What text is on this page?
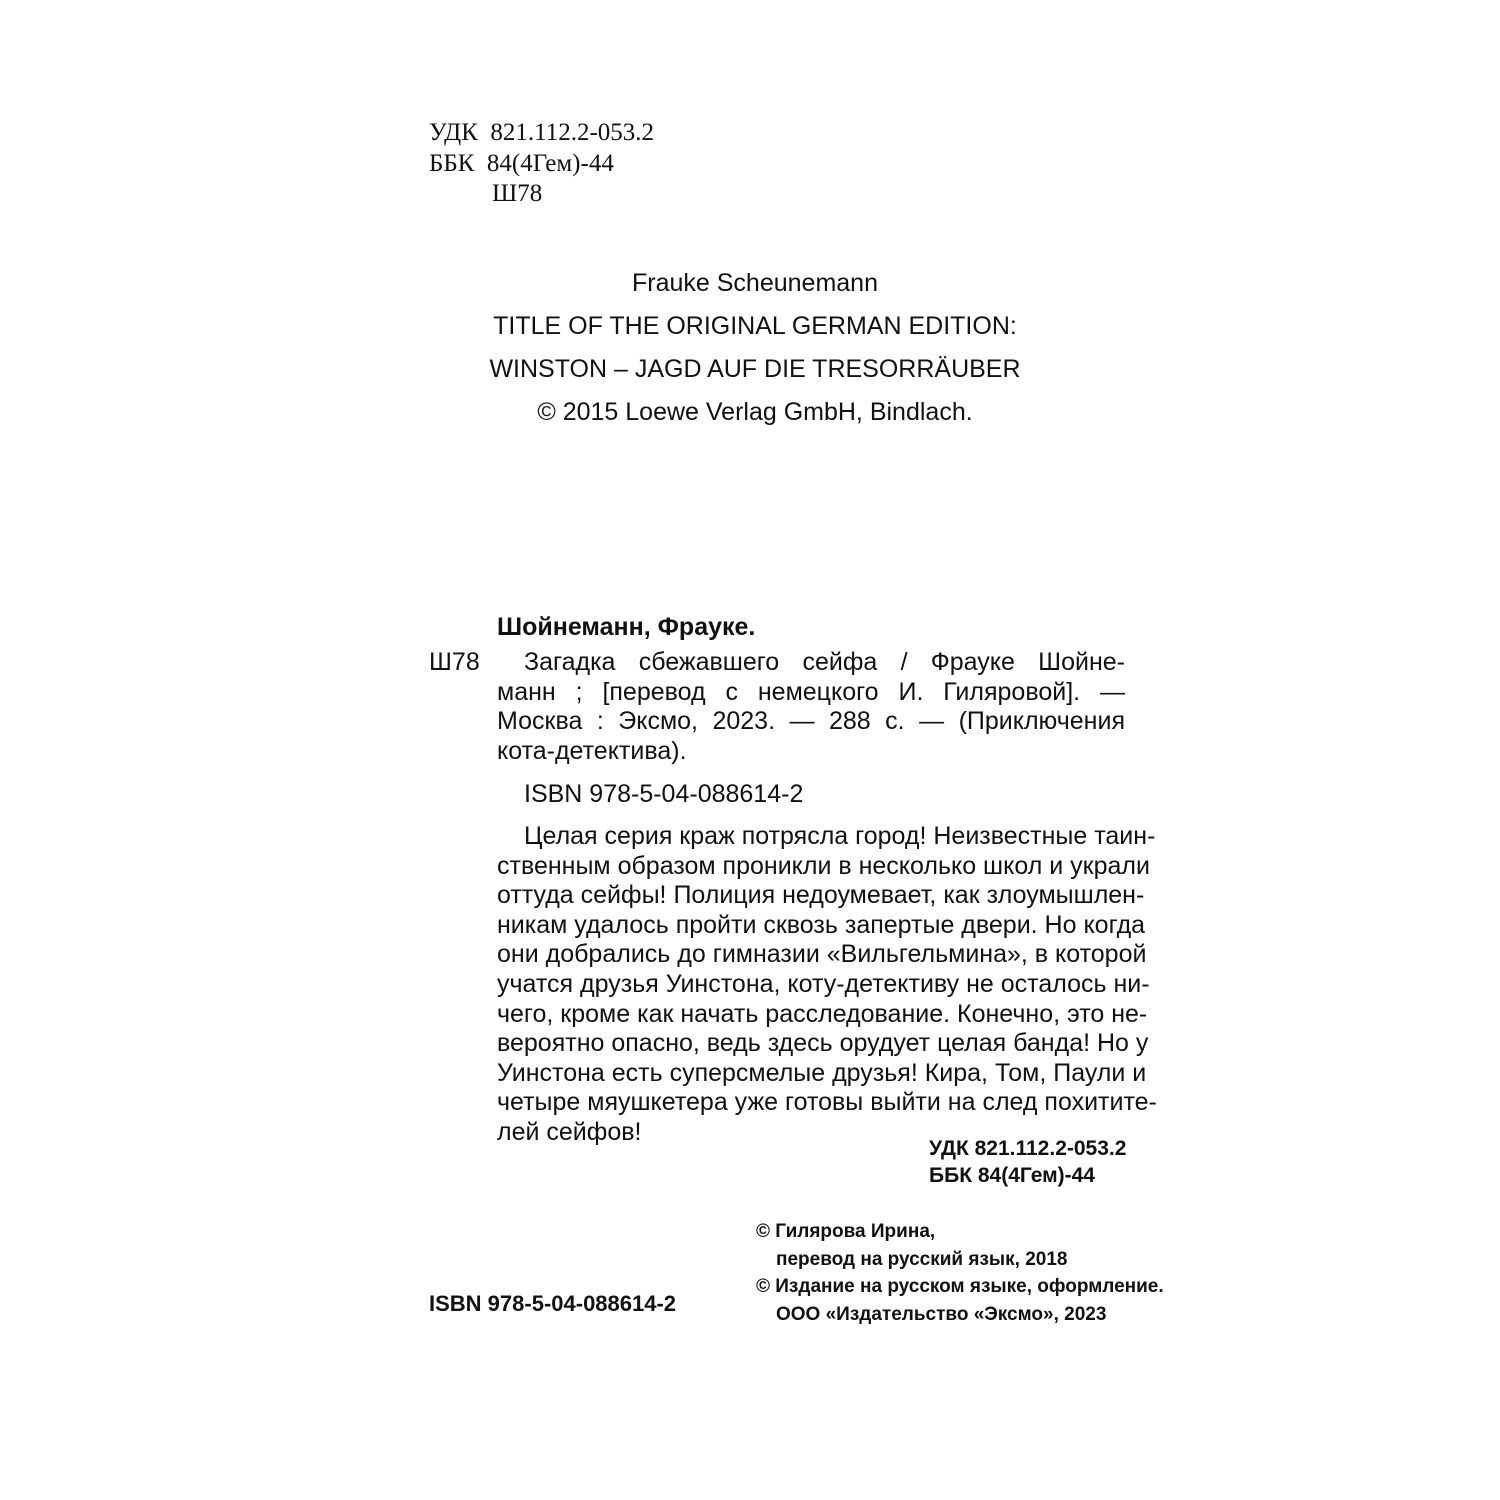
УДК  821.112.2-053.2
ББК  84(4Гем)-44
Ш78
Frauke Scheunemann
TITLE OF THE ORIGINAL GERMAN EDITION:
WINSTON – JAGD AUF DIE TRESORRÄUBER
© 2015 Loewe Verlag GmbH, Bindlach.
Шойнеманн, Фрауке.
Ш78	Загадка сбежавшего сейфа / Фрауке Шойне-
манн ; [перевод с немецкого И. Гиляровой]. —
Москва : Эксмо, 2023. — 288 с. — (Приключения
кота-детектива).
ISBN 978-5-04-088614-2
Целая серия краж потрясла город! Неизвестные таин-
ственным образом проникли в несколько школ и украли
оттуда сейфы! Полиция недоумевает, как злоумышлен-
никам удалось пройти сквозь запертые двери. Но когда
они добрались до гимназии «Вильгельмина», в которой
учатся друзья Уинстона, коту-детективу не осталось ни-
чего, кроме как начать расследование. Конечно, это не-
вероятно опасно, ведь здесь орудует целая банда! Но у
Уинстона есть суперсмелые друзья! Кира, Том, Паули и
четыре мяушкетера уже готовы выйти на след похитите-
лей сейфов!
УДК 821.112.2-053.2
ББК 84(4Гем)-44
© Гилярова Ирина,
перевод на русский язык, 2018
© Издание на русском языке, оформление.
ООО «Издательство «Эксмо», 2023
ISBN 978-5-04-088614-2
